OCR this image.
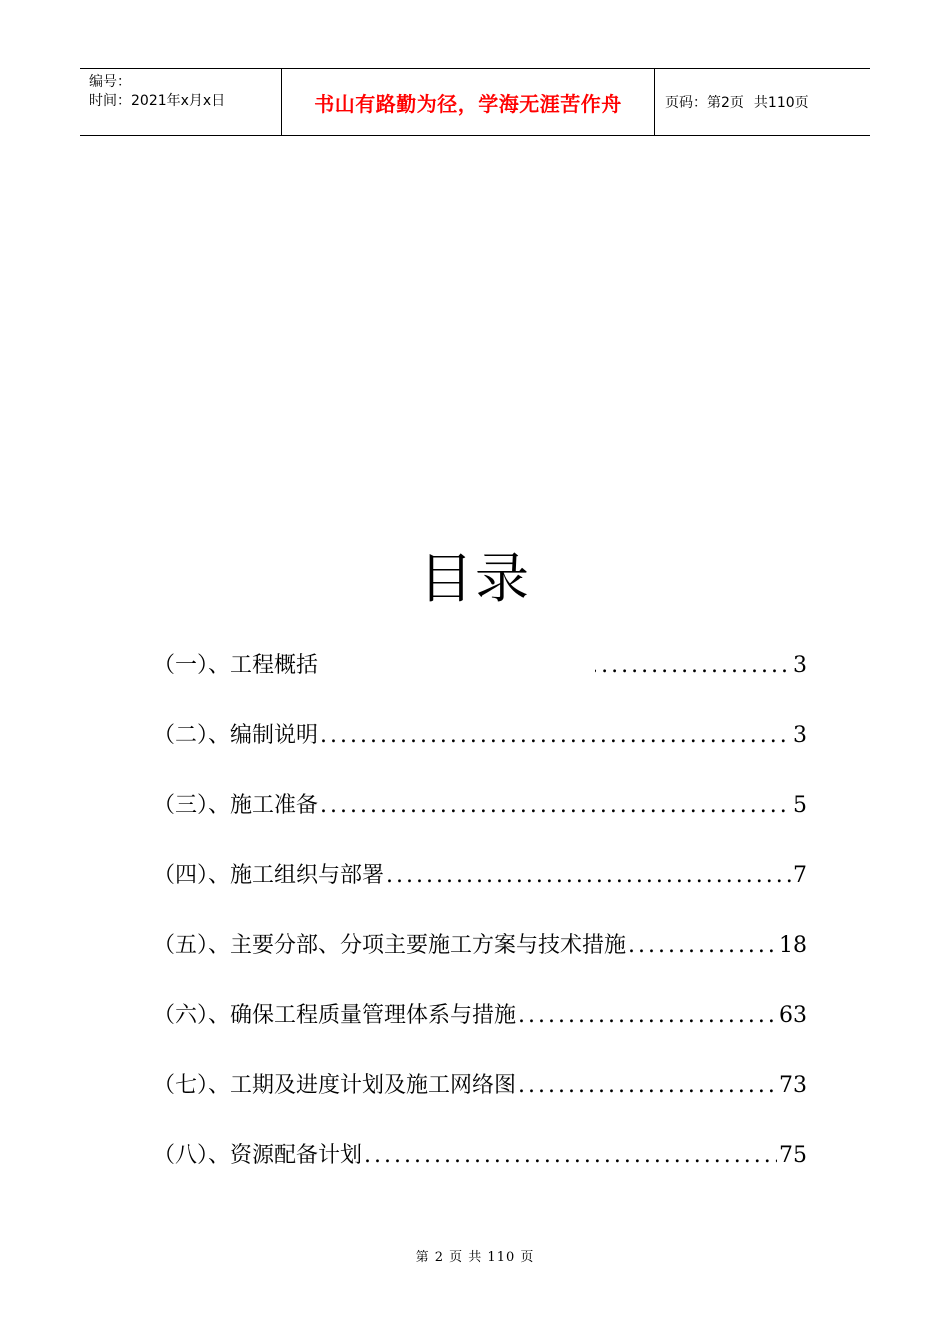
编号：
时间：2021年x月x日	书山有路勤为径，学海无涯苦作舟	页码：第2页 共110页
目录
（一）、工程概括 .....	3
（二）、编制说明 .....	3
（三）、施工准备 .....	5
（四）、施工组织与部署 .....	7
（五）、主要分部、分项主要施工方案与技术措施 .....	18
（六）、确保工程质量管理体系与措施 .....	63
（七）、工期及进度计划及施工网络图 .....	73
（八）、资源配备计划 .....	75
第 2 页 共 110 页
